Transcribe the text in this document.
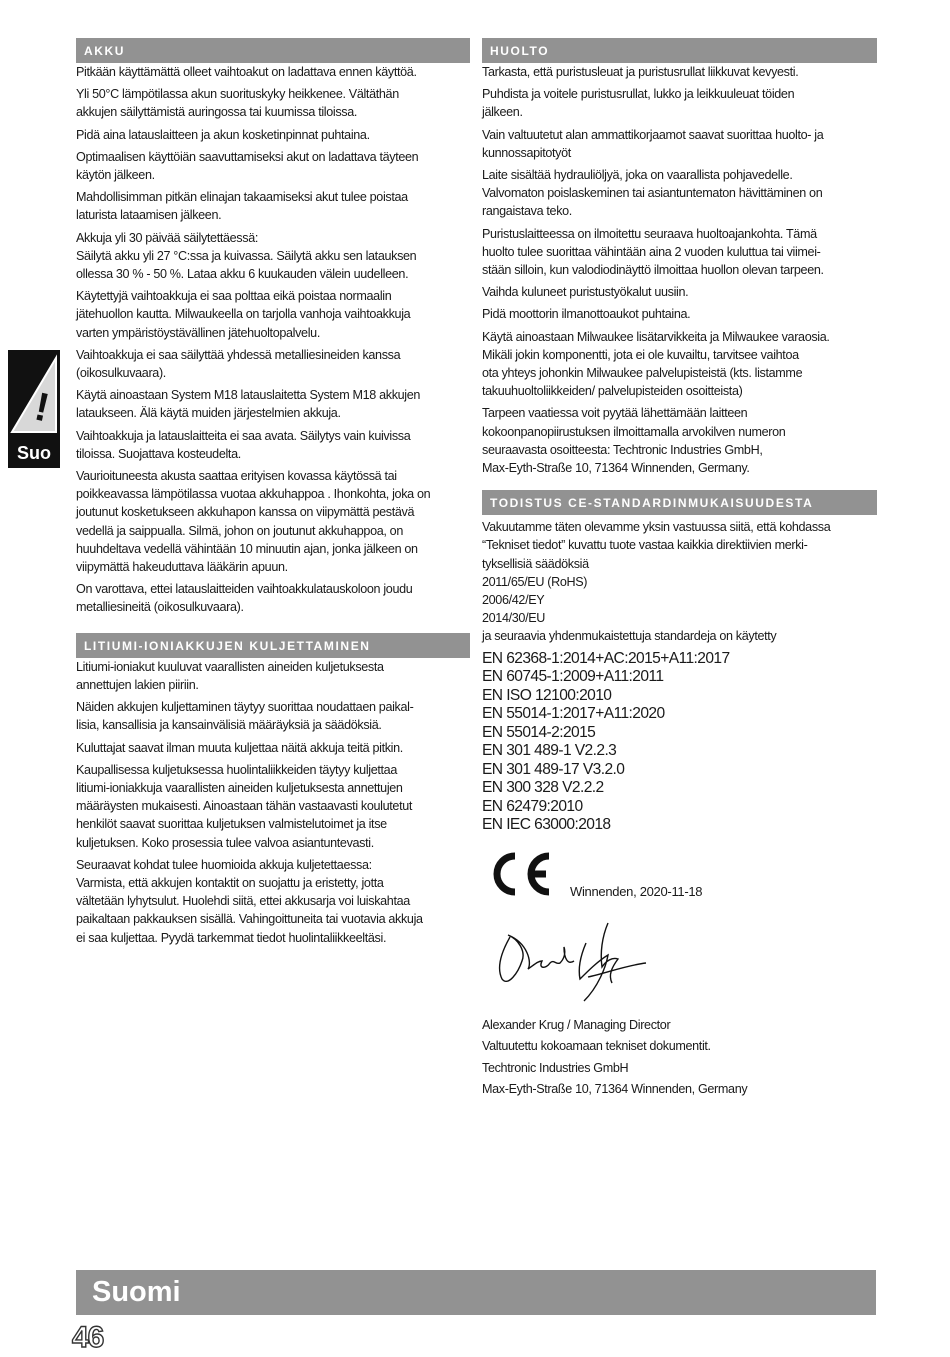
AKKU
Pitkään käyttämättä olleet vaihtoakut on ladattava ennen käyttöä.
Yli 50°C lämpötilassa akun suorituskyky heikkenee. Vältäthän
akkujen säilyttämistä auringossa tai kuumissa tiloissa.
Pidä aina latauslaitteen ja akun kosketinpinnat puhtaina.
Optimaalisen käyttöiän saavuttamiseksi akut on ladattava täyteen
käytön jälkeen.
Mahdollisimman pitkän elinajan takaamiseksi akut tulee poistaa
laturista lataamisen jälkeen.
Akkuja yli 30 päivää säilytettäessä:
Säilytä akku yli 27 °C:ssa ja kuivassa. Säilytä akku sen latauksen
ollessa 30 % - 50 %. Lataa akku 6 kuukauden välein uudelleen.
Käytettyjä vaihtoakkuja ei saa polttaa eikä poistaa normaalin
jätehuollon kautta. Milwaukeella on tarjolla vanhoja vaihtoakkuja
varten ympäristöystävällinen jätehuoltopalvelu.
Vaihtoakkuja ei saa säilyttää yhdessä metalliesineiden kanssa
(oikosulkuvaara).
Käytä ainoastaan System M18 latauslaitetta System M18 akkujen
lataukseen. Älä käytä muiden järjestelmien akkuja.
Vaihtoakkuja ja latauslaitteita ei saa avata. Säilytys vain kuivissa
tiloissa. Suojattava kosteudelta.
Vaurioituneesta akusta saattaa erityisen kovassa käytössä tai
poikkeavassa lämpötilassa vuotaa akkuhappoa . Ihonkohta, joka on
joutunut kosketukseen akkuhapon kanssa on viipymättä pestävä
vedellä ja saippualla. Silmä, johon on joutunut akkuhappoa, on
huuhdeltava vedellä vähintään 10 minuutin ajan, jonka jälkeen on
viipymättä hakeuduttava lääkärin apuun.
On varottava, ettei latauslaitteiden vaihtoakkulatauskoloon joudu
metalliesineitä (oikosulkuvaara).
LITIUMI-IONIAKKUJEN KULJETTAMINEN
Litiumi-ioniakut kuuluvat vaarallisten aineiden kuljetuksesta
annettujen lakien piiriin.
Näiden akkujen kuljettaminen täytyy suorittaa noudattaen paikal-
lisia, kansallisia ja kansainvälisiä määräyksiä ja säädöksiä.
Kuluttajat saavat ilman muuta kuljettaa näitä akkuja teitä pitkin.
Kaupallisessa kuljetuksessa huolintaliikkeiden täytyy kuljettaa
litiumi-ioniakkuja vaarallisten aineiden kuljetuksesta annettujen
määräysten mukaisesti. Ainoastaan tähän vastaavasti koulutetut
henkilöt saavat suorittaa kuljetuksen valmistelutoimet ja itse
kuljetuksen. Koko prosessia tulee valvoa asiantuntevasti.
Seuraavat kohdat tulee huomioida akkuja kuljetettaessa:
Varmista, että akkujen kontaktit on suojattu ja eristetty, jotta
vältetään lyhytsulut. Huolehdi siitä, ettei akkusarja voi luiskahtaa
paikaltaan pakkauksen sisällä. Vahingoittuneita tai vuotavia akkuja
ei saa kuljettaa. Pyydä tarkemmat tiedot huolintaliikkeeltäsi.
HUOLTO
Tarkasta, että puristusleuat ja puristusrullat liikkuvat kevyesti.
Puhdista ja voitele puristusrullat, lukko ja leikkuuleuat töiden
jälkeen.
Vain valtuutetut alan ammattikorjaamot saavat suorittaa huolto- ja
kunnossapitotyöt
Laite sisältää hydrauliöljyä, joka on vaarallista pohjavedelle.
Valvomaton poislaskeminen tai asiantuntematon hävittäminen on
rangaistava teko.
Puristuslaitteessa on ilmoitettu seuraava huoltoajankohta. Tämä
huolto tulee suorittaa vähintään aina 2 vuoden kuluttua tai viimei-
stään silloin, kun valodiodinäyttö ilmoittaa huollon olevan tarpeen.
Vaihda kuluneet puristustyökalut uusiin.
Pidä moottorin ilmanottoaukot puhtaina.
Käytä ainoastaan Milwaukee lisätarvikkeita ja Milwaukee varaosia.
Mikäli jokin komponentti, jota ei ole kuvailtu, tarvitsee vaihtoa
ota yhteys johonkin Milwaukee palvelupisteistä (kts. listamme
takuuhuoltoliikkeiden/ palvelupisteiden osoitteista)
Tarpeen vaatiessa voit pyytää lähettämään laitteen
kokoonpanopiirustuksen ilmoittamalla arvokilven numeron
seuraavasta osoitteesta: Techtronic Industries GmbH,
Max-Eyth-Straße 10, 71364 Winnenden, Germany.
TODISTUS CE-STANDARDINMUKAISUUDESTA
Vakuutamme täten olevamme yksin vastuussa siitä, että kohdassa
“Tekniset tiedot” kuvattu tuote vastaa kaikkia direktiivien merki-
tyksellisiä säädöksiä
2011/65/EU (RoHS)
2006/42/EY
2014/30/EU
ja seuraavia yhdenmukaistettuja standardeja on käytetty
EN 62368-1:2014+AC:2015+A11:2017
EN 60745-1:2009+A11:2011
EN ISO 12100:2010
EN 55014-1:2017+A11:2020
EN 55014-2:2015
EN 301 489-1 V2.2.3
EN 301 489-17 V3.2.0
EN 300 328 V2.2.2
EN 62479:2010
EN IEC 63000:2018
Winnenden, 2020-11-18
Alexander Krug / Managing Director
Valtuutettu kokoamaan tekniset dokumentit.
Techtronic Industries GmbH
Max-Eyth-Straße 10, 71364 Winnenden, Germany
!
Suo
Suomi
46
